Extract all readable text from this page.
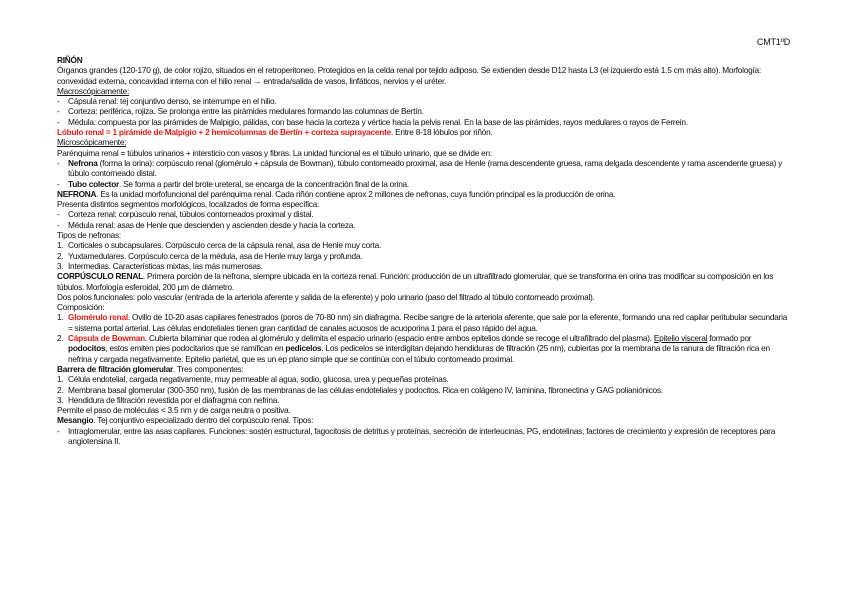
CMT1ºD

RIÑÓN

Órganos grandes (120-170 g), de color rojizo, situados en el retroperitoneo. Protegidos en la celda renal por tejido adiposo. Se extienden desde D12 hasta L3 (el izquierdo está 1.5 cm más alto). Morfología: convexidad externa, concavidad interna con el hilio renal → entrada/salida de vasos, linfáticos, nervios y el uréter.

Macroscópicamente:

-	Cápsula renal: tej conjuntivo denso, se interrumpe en el hilio.
-	Corteza: periférica, rojiza. Se prolonga entre las pirámides medulares formando las columnas de Bertín.
-	Médula: compuesta por las pirámides de Malpigio, pálidas, con base hacia la corteza y vértice hacia la pelvis renal. En la base de las pirámides, rayos medulares o rayos de Ferrein.

Lóbulo renal = 1 pirámide de Malpigio + 2 hemicolumnas de Bertín + corteza suprayacente. Entre 8-18 lóbulos por riñón.

Microscópicamente:

Parénquima renal = túbulos urinarios + intersticio con vasos y fibras. La unidad funcional es el túbulo urinario, que se divide en:

-	Nefrona (forma la orina): corpúsculo renal (glomérulo + cápsula de Bowman), túbulo contorneado proximal, asa de Henle (rama descendente gruesa, rama delgada descendente y rama ascendente gruesa) y túbulo contorneado distal.
-	Tubo colector. Se forma a partir del brote ureteral, se encarga de la concentración final de la orina.

NEFRONA. Es la unidad morfofuncional del parénquima renal. Cada riñón contiene aprox 2 millones de nefronas, cuya función principal es la producción de orina.

Presenta distintos segmentos morfológicos, localizados de forma específica:

-	Corteza renal: corpúsculo renal, túbulos contorneados proximal y distal.
-	Médula renal: asas de Henle que descienden y ascienden desde y hacia la corteza.

Tipos de nefronas:

1. Corticales o subcapsulares. Corpúsculo cerca de la cápsula renal, asa de Henle muy corta.
2. Yuxtamedulares. Corpúsculo cerca de la médula, asa de Henle muy larga y profunda.
3. Intermedias. Características mixtas, las más numerosas.

CORPÚSCULO RENAL. Primera porción de la nefrona, siempre ubicada en la corteza renal. Función: producción de un ultrafiltrado glomerular, que se transforma en orina tras modificar su composición en los túbulos. Morfología esferoidal, 200 µm de diámetro.

Dos polos funcionales: polo vascular (entrada de la arteriola aferente y salida de la eferente) y polo urinario (paso del filtrado al túbulo contorneado proximal).

Composición:

1. Glomérulo renal. Ovillo de 10-20 asas capilares fenestrados (poros de 70-80 nm) sin diafragma. Recibe sangre de la arteriola aferente, que sale por la eferente, formando una red capilar peritubular secundaria = sistema portal arterial. Las células endoteliales tienen gran cantidad de canales acuosos de acuoporina 1 para el paso rápido del agua.
2. Cápsula de Bowman. Cubierta bilaminar que rodea al glomérulo y delimita el espacio urinario (espacio entre ambos epitelios donde se recoge el ultrafiltrado del plasma). Epitelio visceral formado por podocitos, estos emiten pies podocitarios que se ramifican en pedicelos. Los pedicelos se interdigitan dejando hendiduras de filtración (25 nm), cubiertas por la membrana de la ranura de filtración rica en nefrina y cargada negativamente. Epitelio parietal, que es un ep plano simple que se continúa con el túbulo contorneado proximal.

Barrera de filtración glomerular. Tres componentes:

1. Célula endotelial, cargada negativamente, muy permeable al agua, sodio, glucosa, urea y pequeñas proteínas.
2. Membrana basal glomerular (300-350 nm), fusión de las membranas de las células endoteliales y podocitos. Rica en colágeno IV, laminina, fibronectina y GAG polianiónicos.
3. Hendidura de filtración revestida por el diafragma con nefrina.

Permite el paso de moléculas < 3.5 nm y de carga neutra o positiva.

Mesangio. Tej conjuntivo especializado dentro del corpúsculo renal. Tipos:

-	Intraglomerular, entre las asas capilares. Funciones: sostén estructural, fagocitosis de detritus y proteínas, secreción de interleucinas, PG, endotelinas, factores de crecimiento y expresión de receptores para angiotensina II.
